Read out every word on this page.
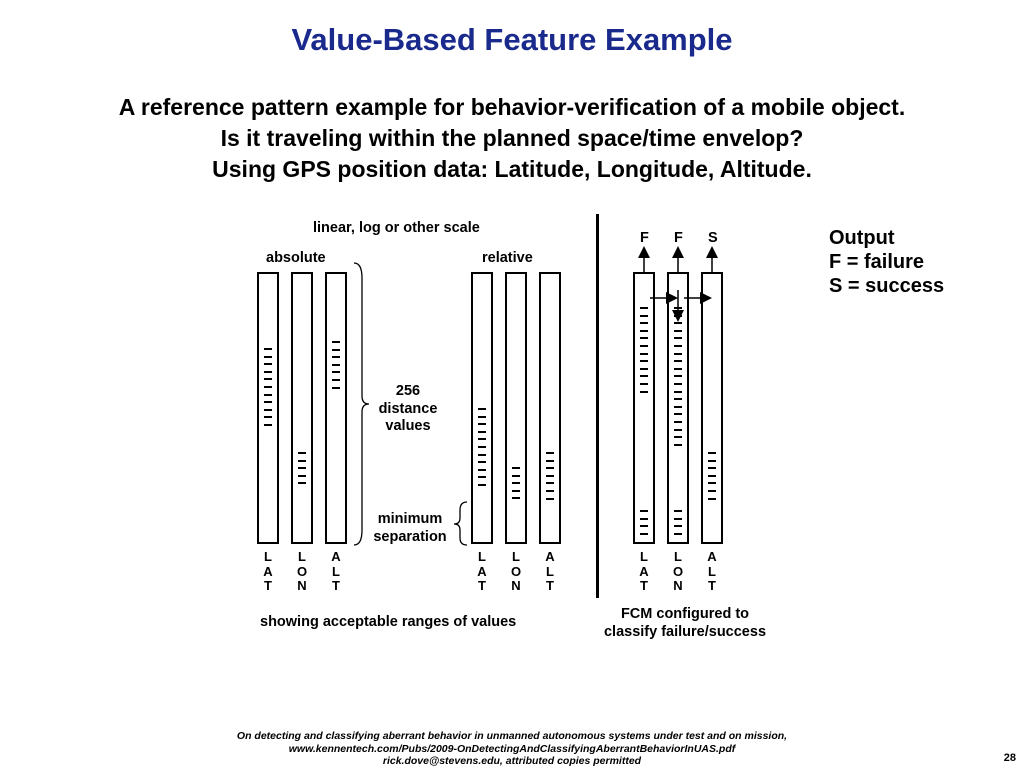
Value-Based Feature Example
A reference pattern example for behavior-verification of a mobile object.
Is it traveling within the planned space/time envelop?
Using GPS position data: Latitude, Longitude, Altitude.
linear, log or other scale
absolute	relative
256
distance
values
minimum
separation
showing acceptable ranges of values
F F S
FCM configured to
classify failure/success
Output
F = failure
S = success
L
A
T
L
O
N
A
L
T
L
A
T
L
O
N
A
L
T
L
A
T
L
O
N
A
L
T
On detecting and classifying aberrant behavior in unmanned autonomous systems under test and on mission,
www.kennentech.com/Pubs/2009-OnDetectingAndClassifyingAberrantBehaviorInUAS.pdf
rick.dove@stevens.edu, attributed copies permitted	28
